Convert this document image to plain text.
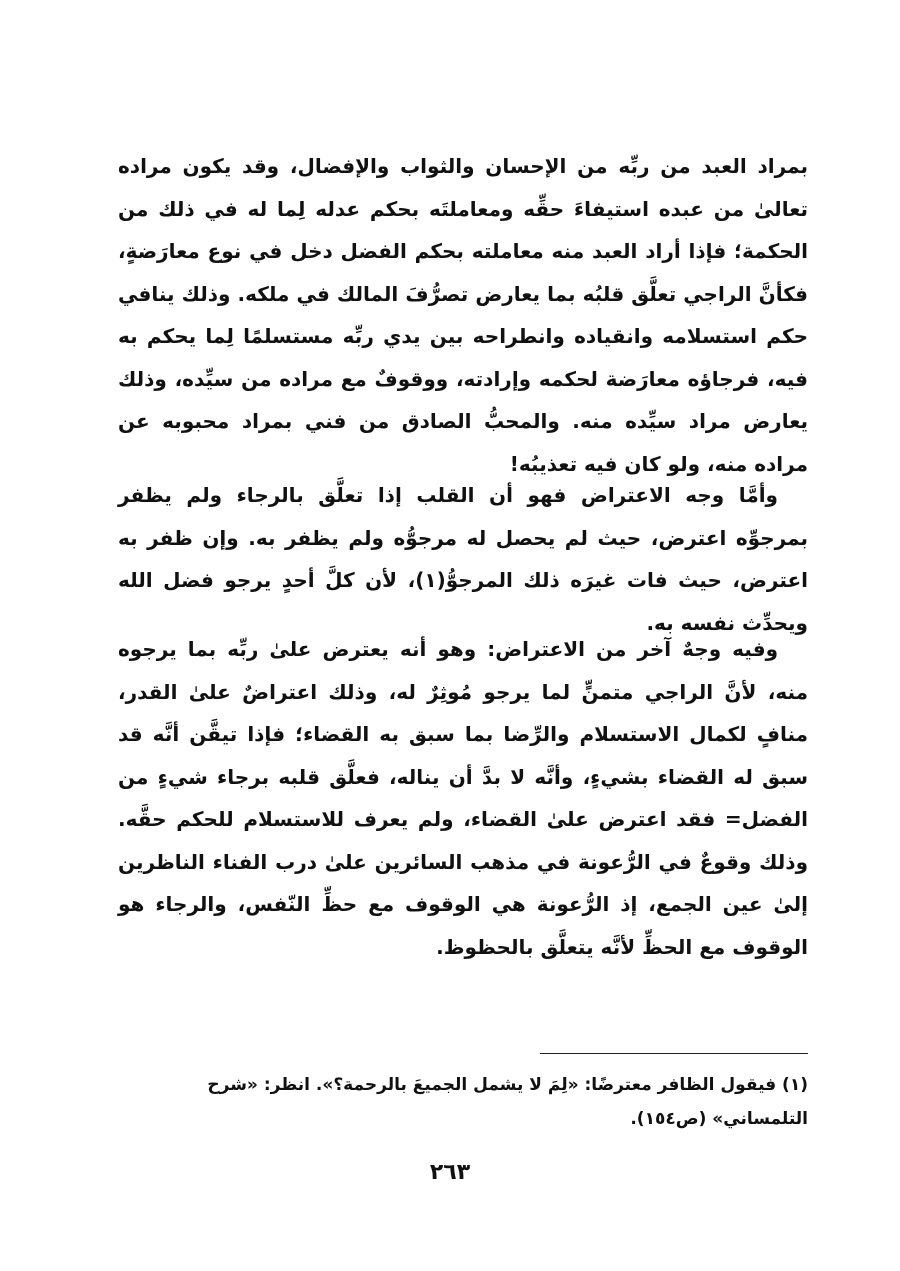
بمراد العبد من ربِّه من الإحسان والثواب والإفضال، وقد يكون مراده تعالىٰ من عبده استيفاءَ حقِّه ومعاملتَه بحكم عدله لِما له في ذلك من الحكمة؛ فإذا أراد العبد منه معاملته بحكم الفضل دخل في نوع معارَضةٍ، فكأنَّ الراجي تعلَّق قلبُه بما يعارض تصرُّفَ المالك في ملكه. وذلك ينافي حكم استسلامه وانقياده وانطراحه بين يدي ربِّه مستسلمًا لِما يحكم به فيه، فرجاؤه معارَضة لحكمه وإرادته، ووقوفٌ مع مراده من سيِّده، وذلك يعارض مراد سيِّده منه. والمحبُّ الصادق من فني بمراد محبوبه عن مراده منه، ولو كان فيه تعذيبُه!

وأمَّا وجه الاعتراض فهو أن القلب إذا تعلَّق بالرجاء ولم يظفر بمرجوِّه اعترض، حيث لم يحصل له مرجوُّه ولم يظفر به. وإن ظفر به اعترض، حيث فات غيرَه ذلك المرجوُّ(١)، لأن كلَّ أحدٍ يرجو فضل الله ويحدِّث نفسه به.

وفيه وجهٌ آخر من الاعتراض: وهو أنه يعترض علىٰ ربِّه بما يرجوه منه، لأنَّ الراجي متمنٍّ لما يرجو مُوثِرٌ له، وذلك اعتراضٌ علىٰ القدر، منافٍ لكمال الاستسلام والرِّضا بما سبق به القضاء؛ فإذا تيقَّن أنَّه قد سبق له القضاء بشيءٍ، وأنَّه لا بدَّ أن يناله، فعلَّق قلبه برجاء شيءٍ من الفضل= فقد اعترض علىٰ القضاء، ولم يعرف للاستسلام للحكم حقَّه. وذلك وقوعٌ في الرُّعونة في مذهب السائرين علىٰ درب الفناء الناظرين إلىٰ عين الجمع، إذ الرُّعونة هي الوقوف مع حظِّ النّفس، والرجاء هو الوقوف مع الحظِّ لأنَّه يتعلَّق بالحظوظ.

(١) فيقول الظافر معترضًا: «لِمَ لا يشمل الجميعَ بالرحمة؟». انظر: «شرح التلمساني» (ص١٥٤).

٢٦٣
